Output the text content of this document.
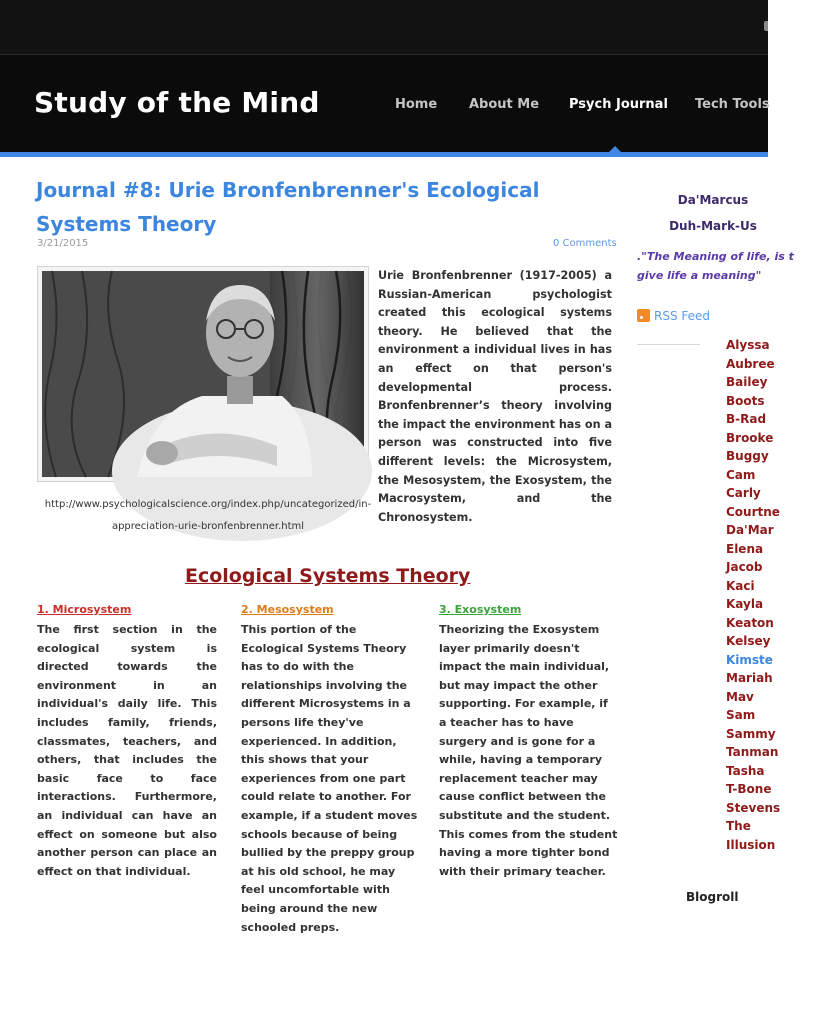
Study of the Mind	Home About Me Psych Journal Tech Tools
Journal #8: Urie Bronfenbrenner's Ecological Systems Theory
3/21/2015	0 Comments

Urie Bronfenbrenner (1917-2005) a Russian-American psychologist created this ecological systems theory. He believed that the environment a individual lives in has an effect on that person's developmental process. Bronfenbrenner’s theory involving the impact the environment has on a person was constructed into five different levels: the Microsystem, the Mesosystem, the Exosystem, the Macrosystem, and the Chronosystem.

http://www.psychologicalscience.org/index.php/uncategorized/in-appreciation-urie-bronfenbrenner.html

Ecological Systems Theory
1. Microsystem

The first section in the ecological system is directed towards the environment in an individual's daily life. This includes family, friends, classmates, teachers, and others, that includes the basic face to face interactions. Furthermore, an individual can have an effect on someone but also another person can place an effect on that individual.

2. Mesosystem

This portion of the Ecological Systems Theory has to do with the relationships involving the different Microsystems in a persons life they've experienced. In addition, this shows that your experiences from one part could relate to another. For example, if a student moves schools because of being bullied by the preppy group at his old school, he may feel uncomfortable with being around the new schooled preps.

3. Exosystem

Theorizing the Exosystem layer primarily doesn't impact the main individual, but may impact the other supporting. For example, if a teacher has to have surgery and is gone for a while, having a temporary replacement teacher may cause conflict between the substitute and the student. This comes from the student having a more tighter bond with their primary teacher.

Da'Marcus
Duh-Mark-Us

."The Meaning of life, is t
give life a meaning"

RSS Feed
Alyssa
Aubree
Bailey
Boots
B-Rad
Brooke
Buggy
Cam
Carly
Courtne
Da'Mar
Elena
Jacob
Kaci
Kayla
Keaton
Kelsey
Kimste
Mariah
Mav
Sam
Sammy
Tanman
Tasha
T-Bone
Stevens
The
Illusion
Blogroll
